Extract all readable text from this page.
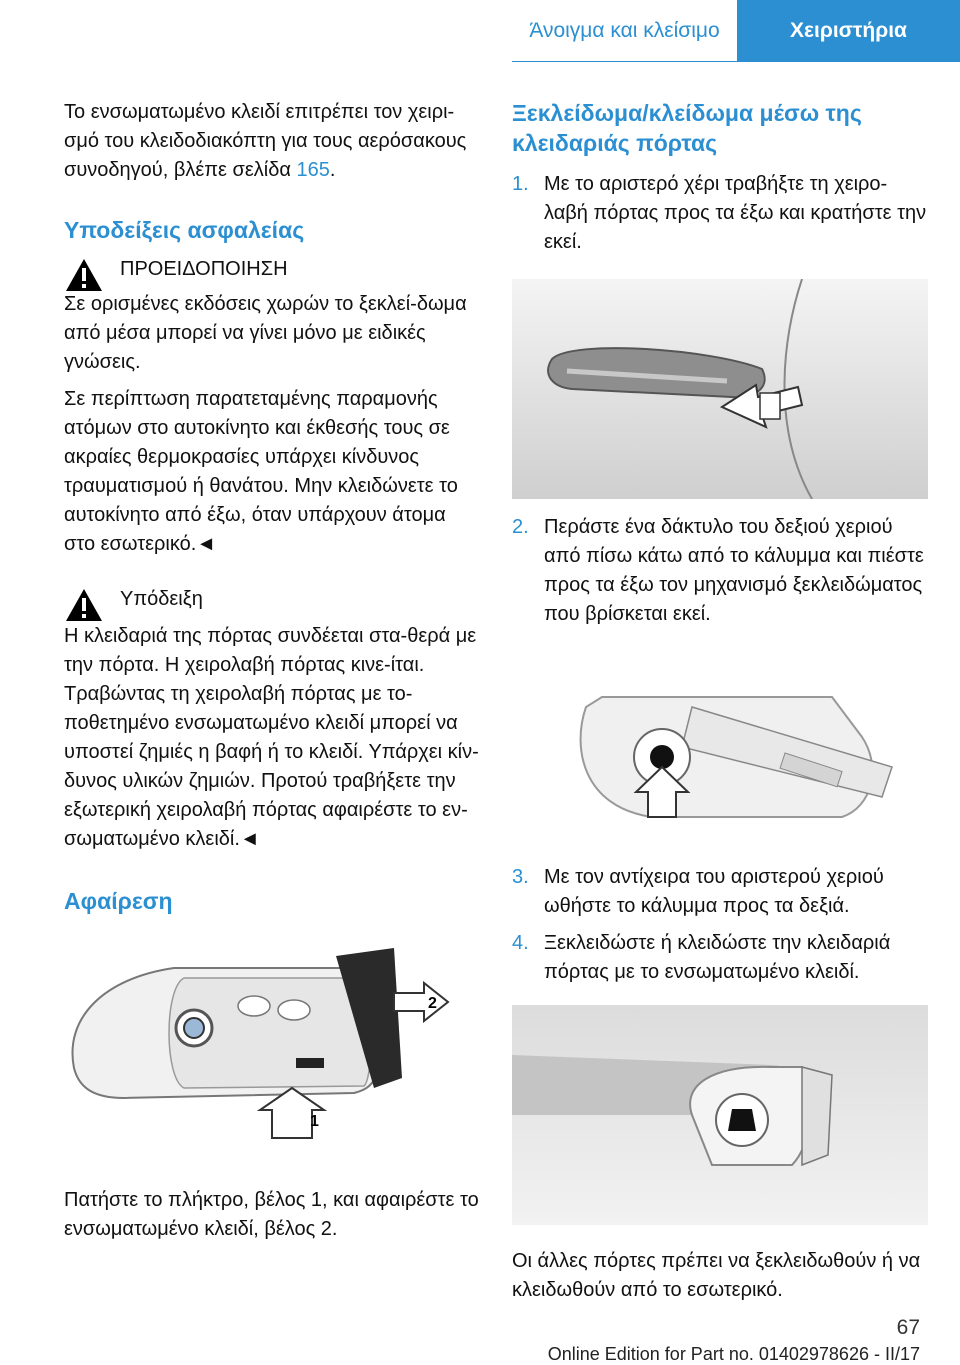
Άνοιγμα και κλείσιμο	Χειριστήρια

Το ενσωματωμένο κλειδί επιτρέπει τον χειρι-σμό του κλειδοδιακόπτη για τους αερόσακους συνοδηγού, βλέπε σελίδα 165.

Υποδείξεις ασφαλείας

ΠΡΟΕΙΔΟΠΟΙΗΣΗ

Σε ορισμένες εκδόσεις χωρών το ξεκλεί-δωμα από μέσα μπορεί να γίνει μόνο με ειδικές γνώσεις.

Σε περίπτωση παρατεταμένης παραμονής ατόμων στο αυτοκίνητο και έκθεσής τους σε ακραίες θερμοκρασίες υπάρχει κίνδυνος τραυματισμού ή θανάτου. Μην κλειδώνετε το αυτοκίνητο από έξω, όταν υπάρχουν άτομα στο εσωτερικό.◄

Υπόδειξη

Η κλειδαριά της πόρτας συνδέεται στα-θερά με την πόρτα. Η χειρολαβή πόρτας κινε-ίται. Τραβώντας τη χειρολαβή πόρτας με το-ποθετημένο ενσωματωμένο κλειδί μπορεί να υποστεί ζημιές η βαφή ή το κλειδί. Υπάρχει κίν-δυνος υλικών ζημιών. Προτού τραβήξετε την εξωτερική χειρολαβή πόρτας αφαιρέστε το εν-σωματωμένο κλειδί.◄

Αφαίρεση
2
1

Πατήστε το πλήκτρο, βέλος 1, και αφαιρέστε το ενσωματωμένο κλειδί, βέλος 2.

Ξεκλείδωμα/κλείδωμα μέσω της κλειδαριάς πόρτας
1. Με το αριστερό χέρι τραβήξτε τη χειρο-λαβή πόρτας προς τα έξω και κρατήστε την εκεί.

2. Περάστε ένα δάκτυλο του δεξιού χεριού από πίσω κάτω από το κάλυμμα και πιέστε προς τα έξω τον μηχανισμό ξεκλειδώματος που βρίσκεται εκεί.

3. Με τον αντίχειρα του αριστερού χεριού ωθήστε το κάλυμμα προς τα δεξιά.

4. Ξεκλειδώστε ή κλειδώστε την κλειδαριά πόρτας με το ενσωματωμένο κλειδί.

Οι άλλες πόρτες πρέπει να ξεκλειδωθούν ή να κλειδωθούν από το εσωτερικό.

67
Online Edition for Part no. 01402978626 - II/17
